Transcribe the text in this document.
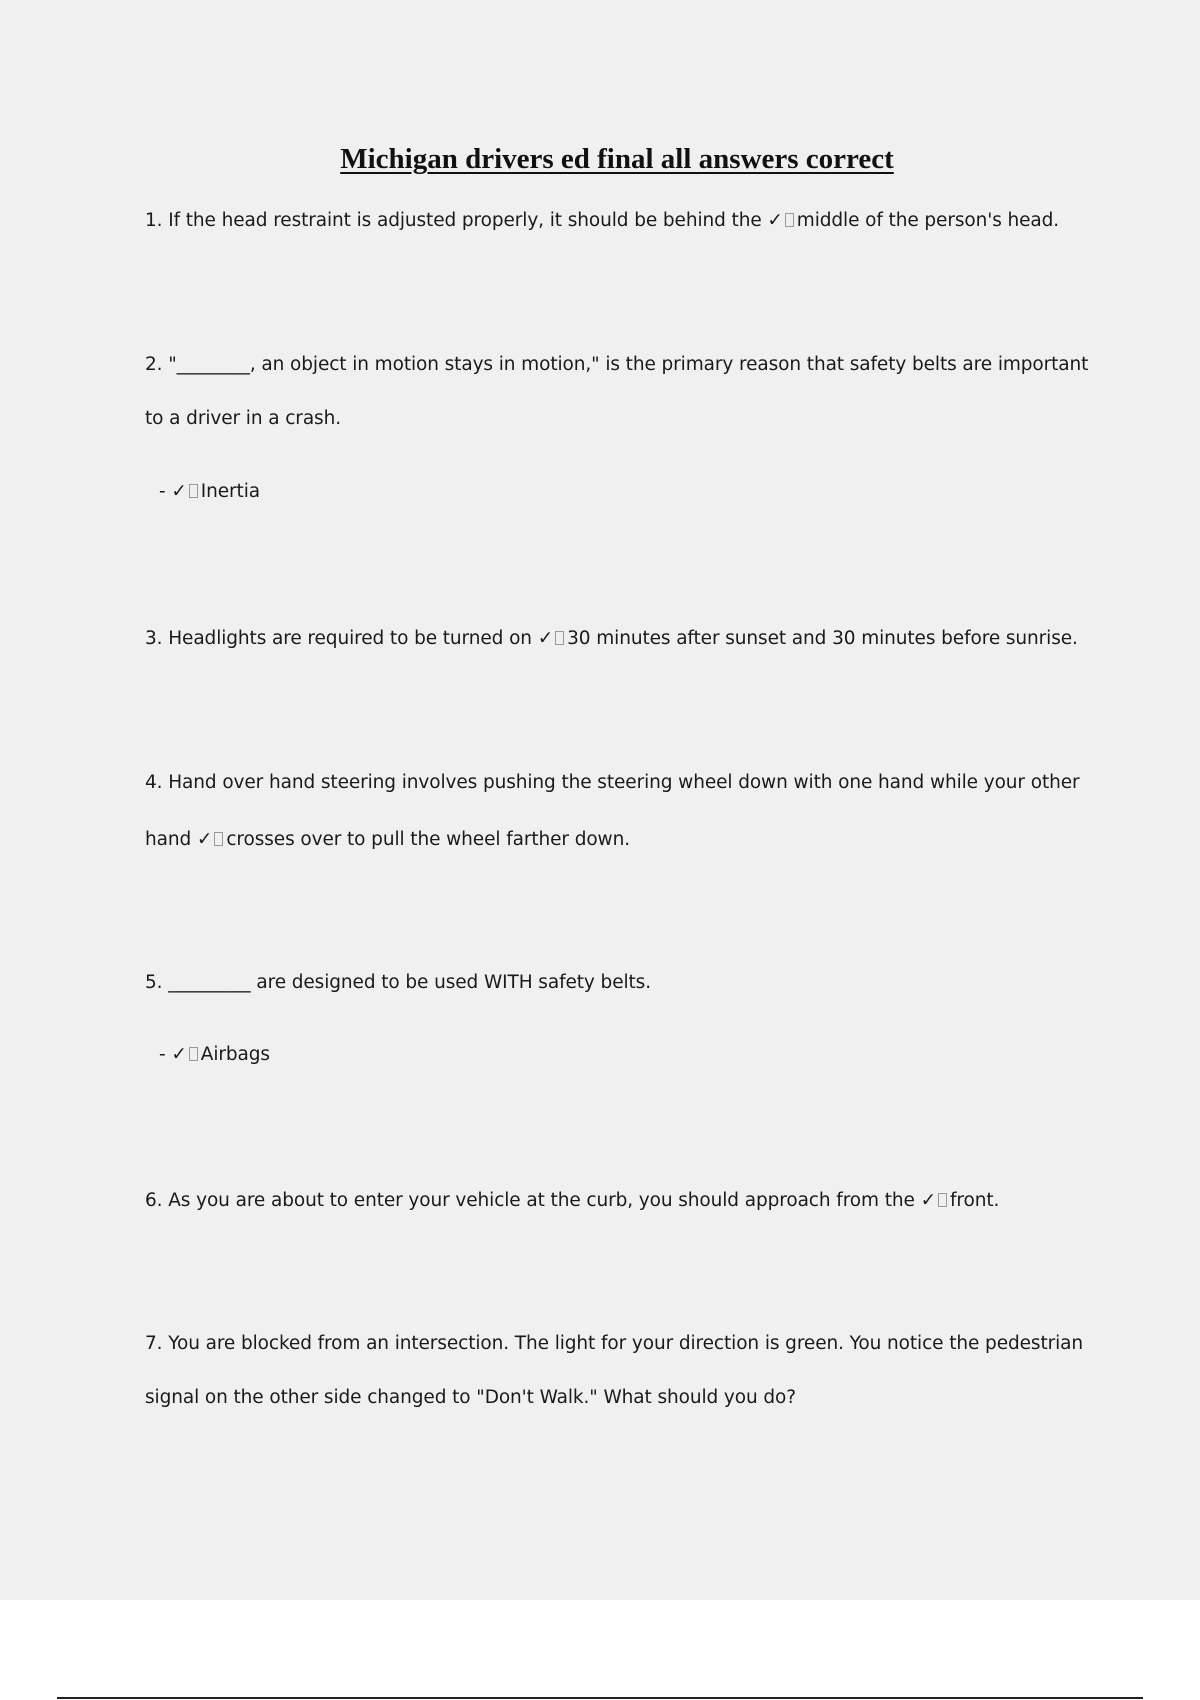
Michigan drivers ed final all answers correct
1. If the head restraint is adjusted properly, it should be behind the ✓ middle of the person's head.
2. "________, an object in motion stays in motion," is the primary reason that safety belts are important
to a driver in a crash.
- ✓ Inertia
3. Headlights are required to be turned on ✓ 30 minutes after sunset and 30 minutes before sunrise.
4. Hand over hand steering involves pushing the steering wheel down with one hand while your other
hand ✓ crosses over to pull the wheel farther down.
5. _________ are designed to be used WITH safety belts.
- ✓ Airbags
6. As you are about to enter your vehicle at the curb, you should approach from the ✓ front.
7. You are blocked from an intersection. The light for your direction is green. You notice the pedestrian
signal on the other side changed to "Don't Walk." What should you do?
